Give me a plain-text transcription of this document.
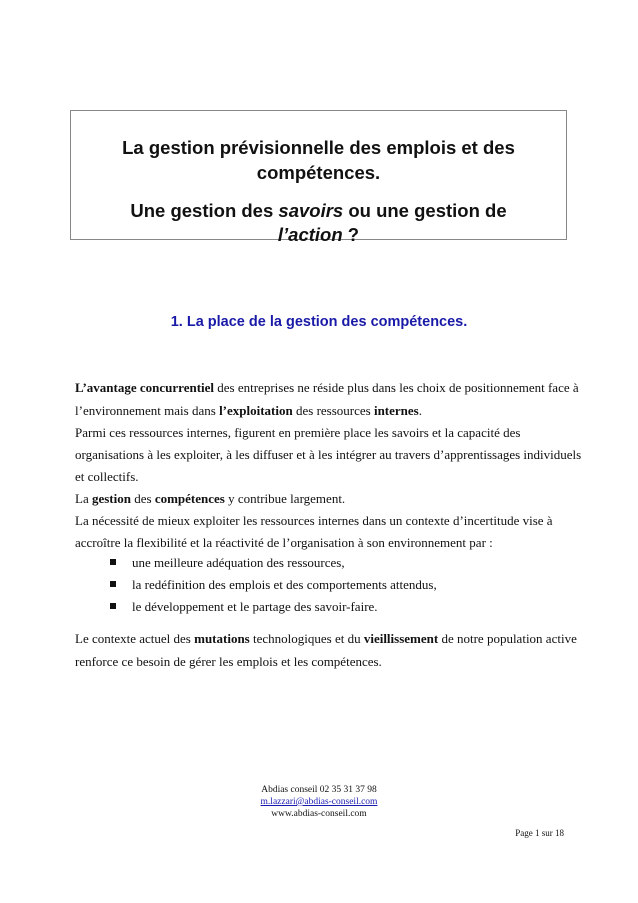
La gestion prévisionnelle des emplois et des
compétences.
Une gestion des savoirs ou une gestion de
l’action ?
1. La place de la gestion des compétences.
L’avantage concurrentiel des entreprises ne réside plus dans les choix de positionnement face à
l’environnement mais dans l’exploitation des ressources internes.
Parmi ces ressources internes, figurent en première place les savoirs et la capacité des
organisations à les exploiter, à les diffuser et à les intégrer au travers d’apprentissages individuels
et collectifs.
La gestion des compétences y contribue largement.
La nécessité de mieux exploiter les ressources internes dans un contexte d’incertitude vise à
accroître la flexibilité et la réactivité de l’organisation à son environnement par :
une meilleure adéquation des ressources,
la redéfinition des emplois et des comportements attendus,
le développement et le partage des savoir-faire.
Le contexte actuel des mutations technologiques et du vieillissement de notre population active
renforce ce besoin de gérer les emplois et les compétences.
Abdias conseil 02 35 31 37 98
m.lazzari@abdias-conseil.com
www.abdias-conseil.com
Page 1 sur 18
